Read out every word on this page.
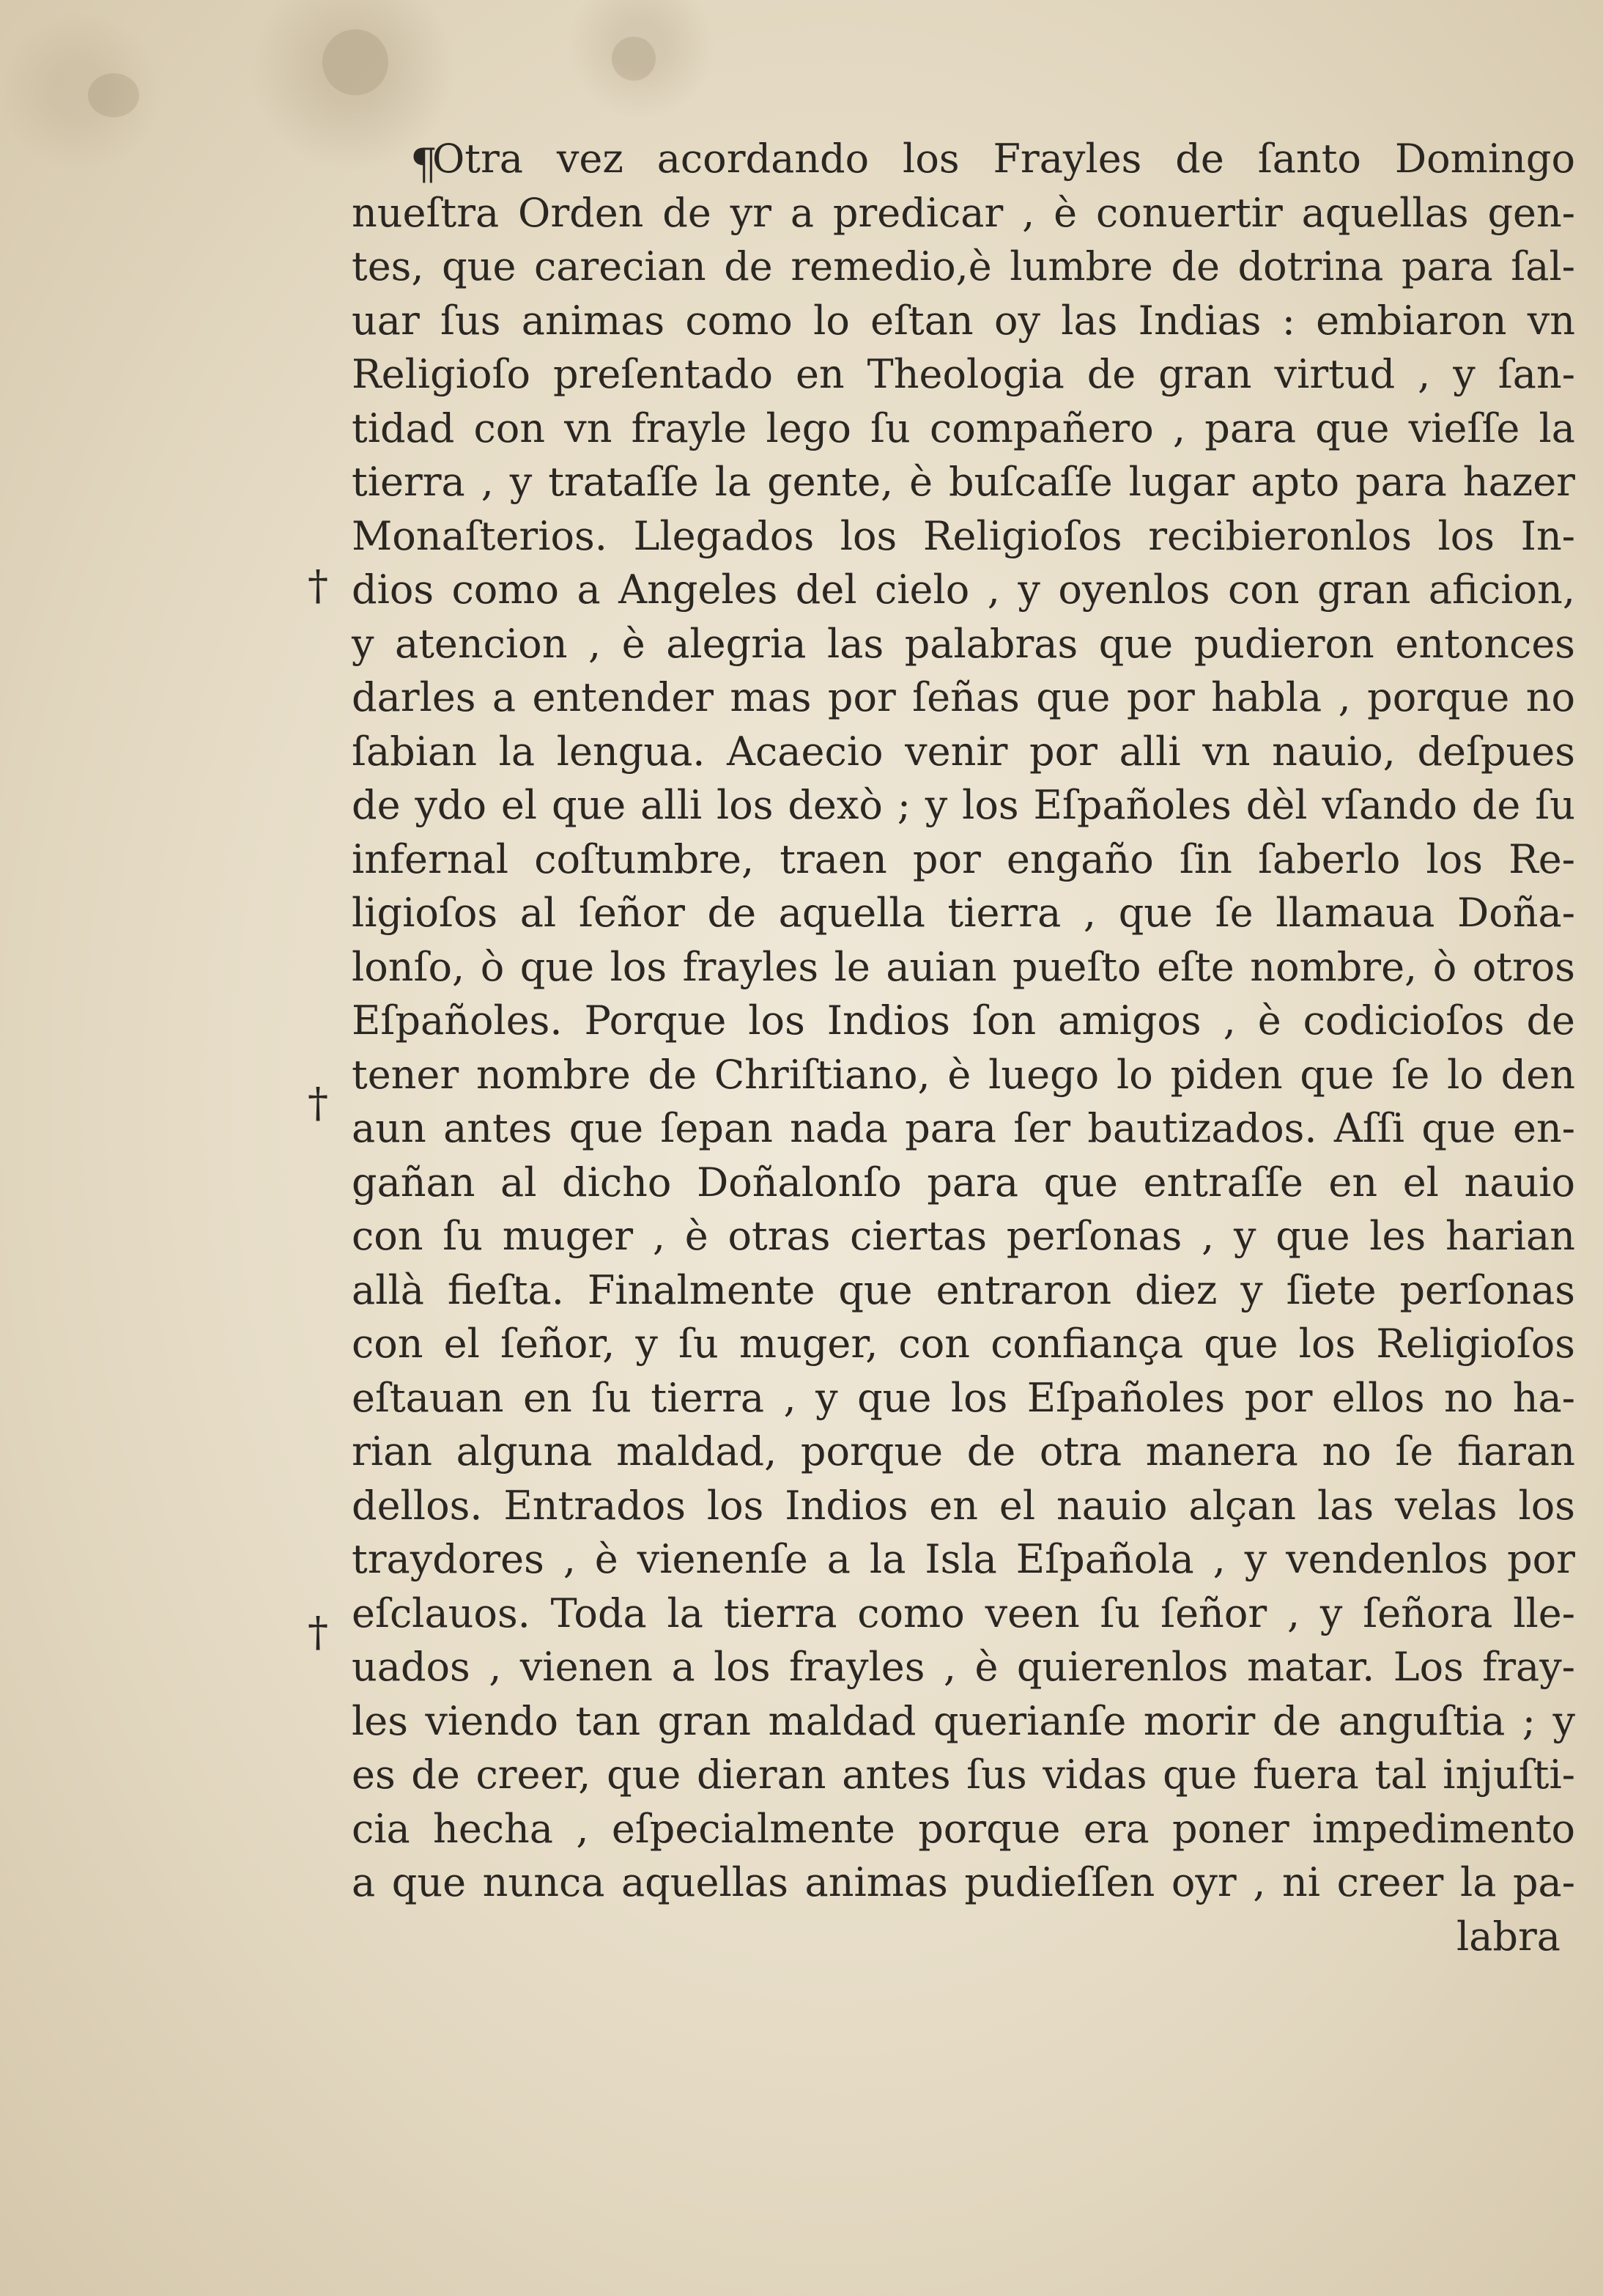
¶
Otra vez acordando los Frayles de ſanto Domingo
nueſtra Orden de yr a predicar , è conuertir aquellas gen-
tes, que carecian de remedio,è lumbre de dotrina para ſal-
uar ſus animas como lo eſtan oy las Indias : embiaron vn
Religioſo preſentado en Theologia de gran virtud , y ſan-
tidad con vn frayle lego ſu compañero , para que vieſſe la
tierra , y trataſſe la gente, è buſcaſſe lugar apto para hazer
Monaſterios. Llegados los Religioſos recibieronlos los In-
dios como a Angeles del cielo , y oyenlos con gran aficion,
y atencion , è alegria las palabras que pudieron entonces
darles a entender mas por ſeñas que por habla , porque no
ſabian la lengua. Acaecio venir por alli vn nauio, deſpues
de ydo el que alli los dexò ; y los Eſpañoles dèl vſando de ſu
infernal coſtumbre, traen por engaño ſin ſaberlo los Re-
ligioſos al ſeñor de aquella tierra , que ſe llamaua Doña-
lonſo, ò que los frayles le auian pueſto eſte nombre, ò otros
Eſpañoles. Porque los Indios ſon amigos , è codicioſos de
tener nombre de Chriſtiano, è luego lo piden que ſe lo den
aun antes que ſepan nada para ſer bautizados. Aſſi que en-
gañan al dicho Doñalonſo para que entraſſe en el nauio
con ſu muger , è otras ciertas perſonas , y que les harian
allà fieſta. Finalmente que entraron diez y ſiete perſonas
con el ſeñor, y ſu muger, con confiança que los Religioſos
eſtauan en ſu tierra , y que los Eſpañoles por ellos no ha-
rian alguna maldad, porque de otra manera no ſe fiaran
dellos. Entrados los Indios en el nauio alçan las velas los
traydores , è vienenſe a la Isla Eſpañola , y vendenlos por
eſclauos. Toda la tierra como veen ſu ſeñor , y ſeñora lle-
uados , vienen a los frayles , è quierenlos matar. Los fray-
les viendo tan gran maldad querianſe morir de anguſtia ; y
es de creer, que dieran antes ſus vidas que fuera tal injuſti-
cia hecha , eſpecialmente porque era poner impedimento
a que nunca aquellas animas pudieſſen oyr , ni creer la pa-
labra
†
†
†
